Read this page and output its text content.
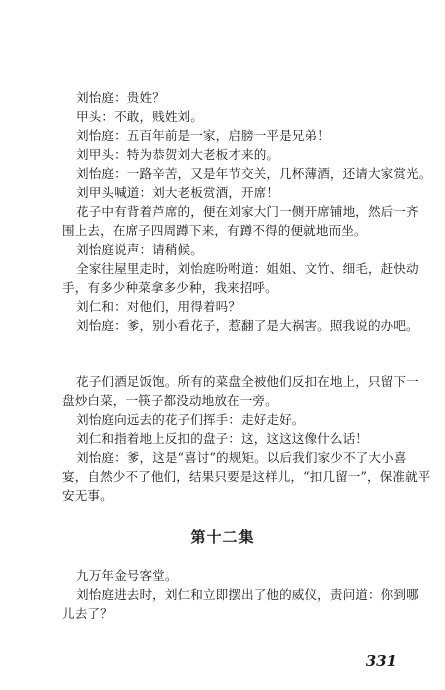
刘怡庭：贵姓？
甲头：不敢，贱姓刘。
刘怡庭：五百年前是一家，启膀一平是兄弟！
刘甲头：特为恭贺刘大老板才来的。
刘怡庭：一路辛苦，又是年节交关，几杯薄酒，还请大家赏光。
刘甲头喊道：刘大老板赏酒，开席！
花子中有背着芦席的，便在刘家大门一侧开席铺地，然后一齐
围上去，在席子四周蹲下来，有蹲不得的便就地而坐。
刘怡庭说声：请稍候。
全家往屋里走时，刘怡庭吩咐道：姐姐、文竹、细毛，赶快动
手，有多少种菜拿多少种，我来招呼。
刘仁和：对他们，用得着吗？
刘怡庭：爹，别小看花子，惹翻了是大祸害。照我说的办吧。
花子们酒足饭饱。所有的菜盘全被他们反扣在地上，只留下一
盘炒白菜，一筷子都没动地放在一旁。
刘怡庭向远去的花子们挥手：走好走好。
刘仁和指着地上反扣的盘子：这，这这这像什么话！
刘怡庭：爹，这是“喜讨”的规矩。以后我们家少不了大小喜
宴，自然少不了他们，结果只要是这样儿，“扣几留一”，保准就平
安无事。
第十二集
九万年金号客堂。
刘怡庭进去时，刘仁和立即摆出了他的威仪，责问道：你到哪
儿去了？
331
